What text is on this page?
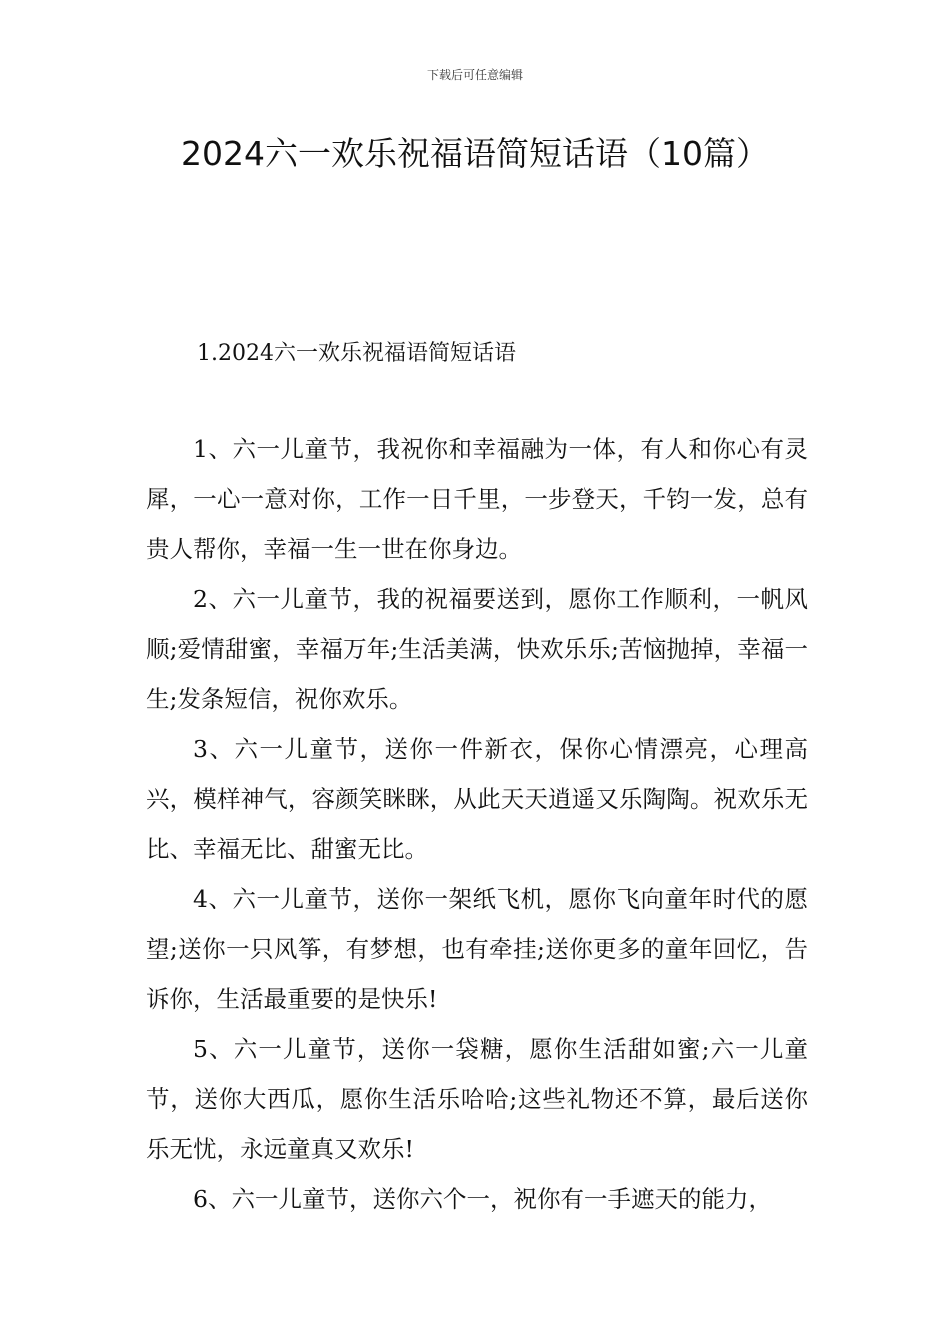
下载后可任意编辑
2024六一欢乐祝福语简短话语（10篇）
1.2024六一欢乐祝福语简短话语

1、六一儿童节，我祝你和幸福融为一体，有人和你心有灵犀，一心一意对你，工作一日千里，一步登天，千钧一发，总有贵人帮你，幸福一生一世在你身边。

2、六一儿童节，我的祝福要送到，愿你工作顺利，一帆风顺;爱情甜蜜，幸福万年;生活美满，快欢乐乐;苦恼抛掉，幸福一生;发条短信，祝你欢乐。

3、六一儿童节，送你一件新衣，保你心情漂亮，心理高兴，模样神气，容颜笑眯眯，从此天天逍遥又乐陶陶。祝欢乐无比、幸福无比、甜蜜无比。

4、六一儿童节，送你一架纸飞机，愿你飞向童年时代的愿望;送你一只风筝，有梦想，也有牵挂;送你更多的童年回忆，告诉你，生活最重要的是快乐!

5、六一儿童节，送你一袋糖，愿你生活甜如蜜;六一儿童节，送你大西瓜，愿你生活乐哈哈;这些礼物还不算，最后送你乐无忧，永远童真又欢乐!

6、六一儿童节，送你六个一，祝你有一手遮天的能力，
